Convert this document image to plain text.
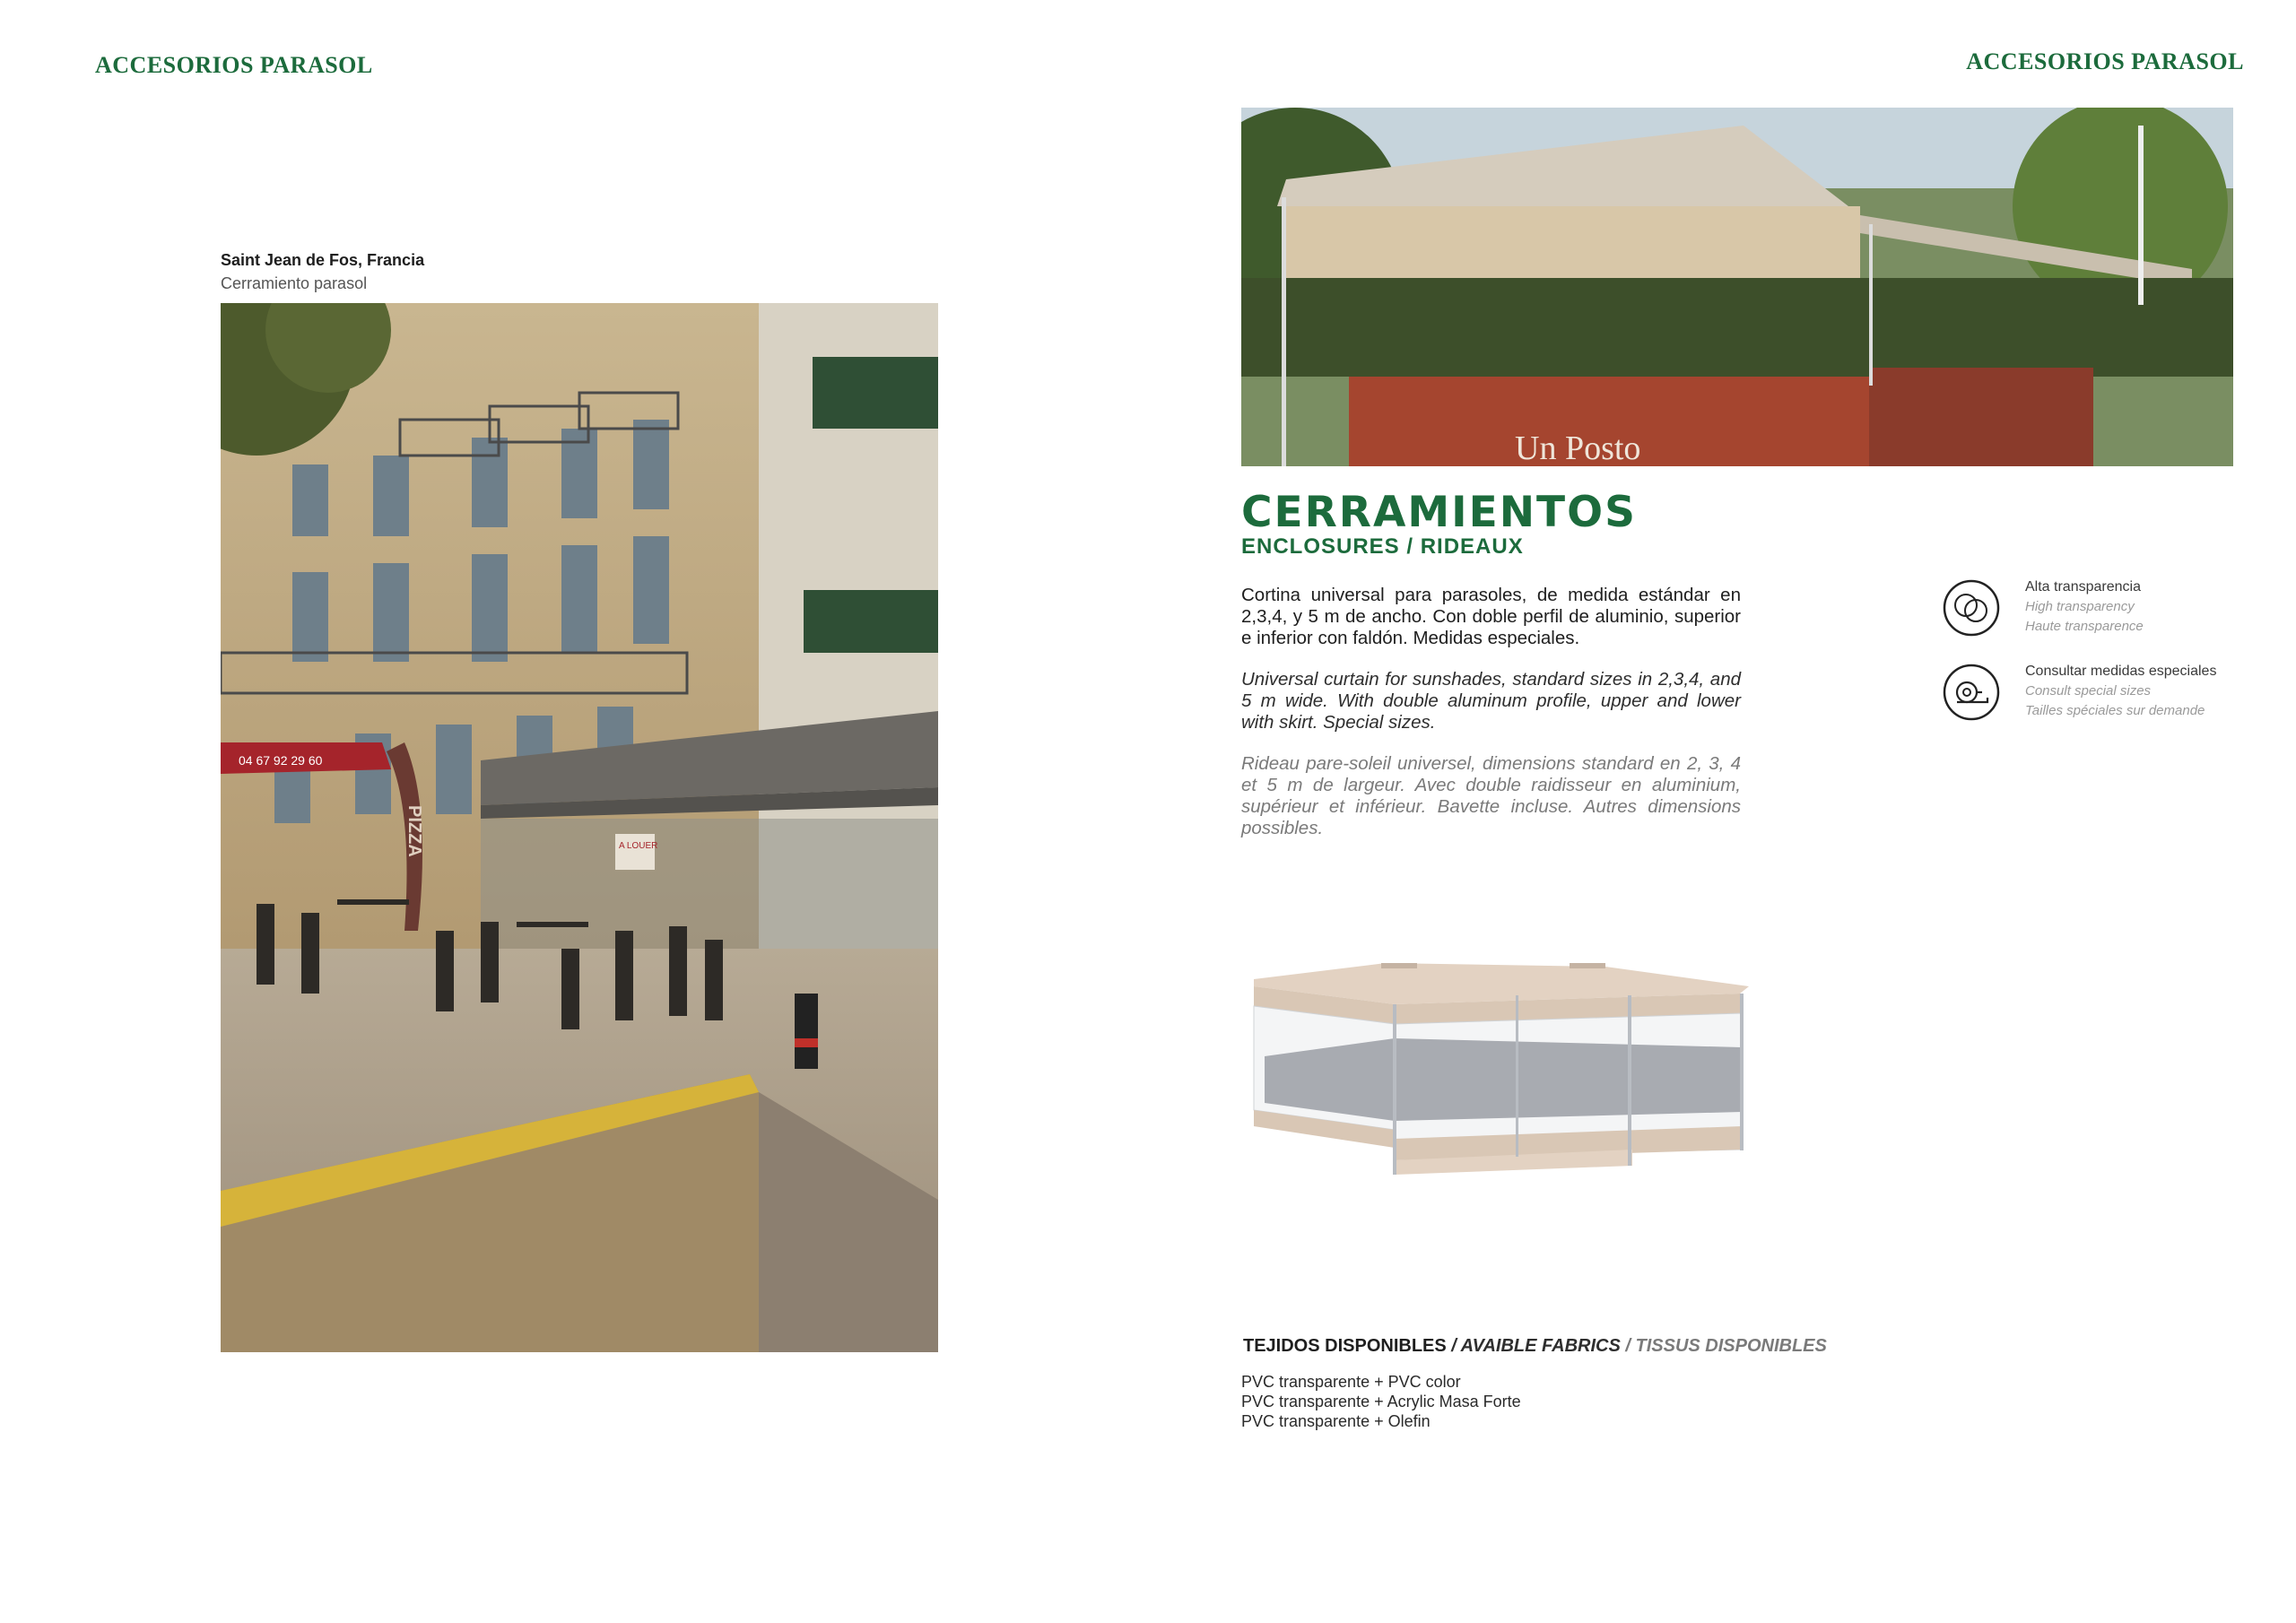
ACCESORIOS PARASOL	ACCESORIOS PARASOL
Saint Jean de Fos, Francia
Cerramiento parasol
04 67 92 29 60
PIZZA	A LOUER
Un Posto
CERRAMIENTOS
ENCLOSURES / RIDEAUX
Cortina universal para parasoles, de medida estándar en 2,3,4, y 5 m de ancho. Con doble perfil de aluminio, superior e inferior con faldón. Medidas especiales.
Universal curtain for sunshades, standard sizes in 2,3,4, and 5 m wide. With double aluminum profile, upper and lower with skirt. Special sizes.
Rideau pare-soleil universel, dimensions standard en 2, 3, 4 et 5 m de largeur. Avec double raidisseur en aluminium, supérieur et inférieur. Bavette incluse. Autres dimensions possibles.
Alta transparencia
High transparency
Haute transparence
Consultar medidas especiales
Consult special sizes
Tailles spéciales sur demande
TEJIDOS DISPONIBLES / AVAIBLE FABRICS / TISSUS DISPONIBLES
PVC transparente + PVC color
PVC transparente + Acrylic Masa Forte
PVC transparente + Olefin
